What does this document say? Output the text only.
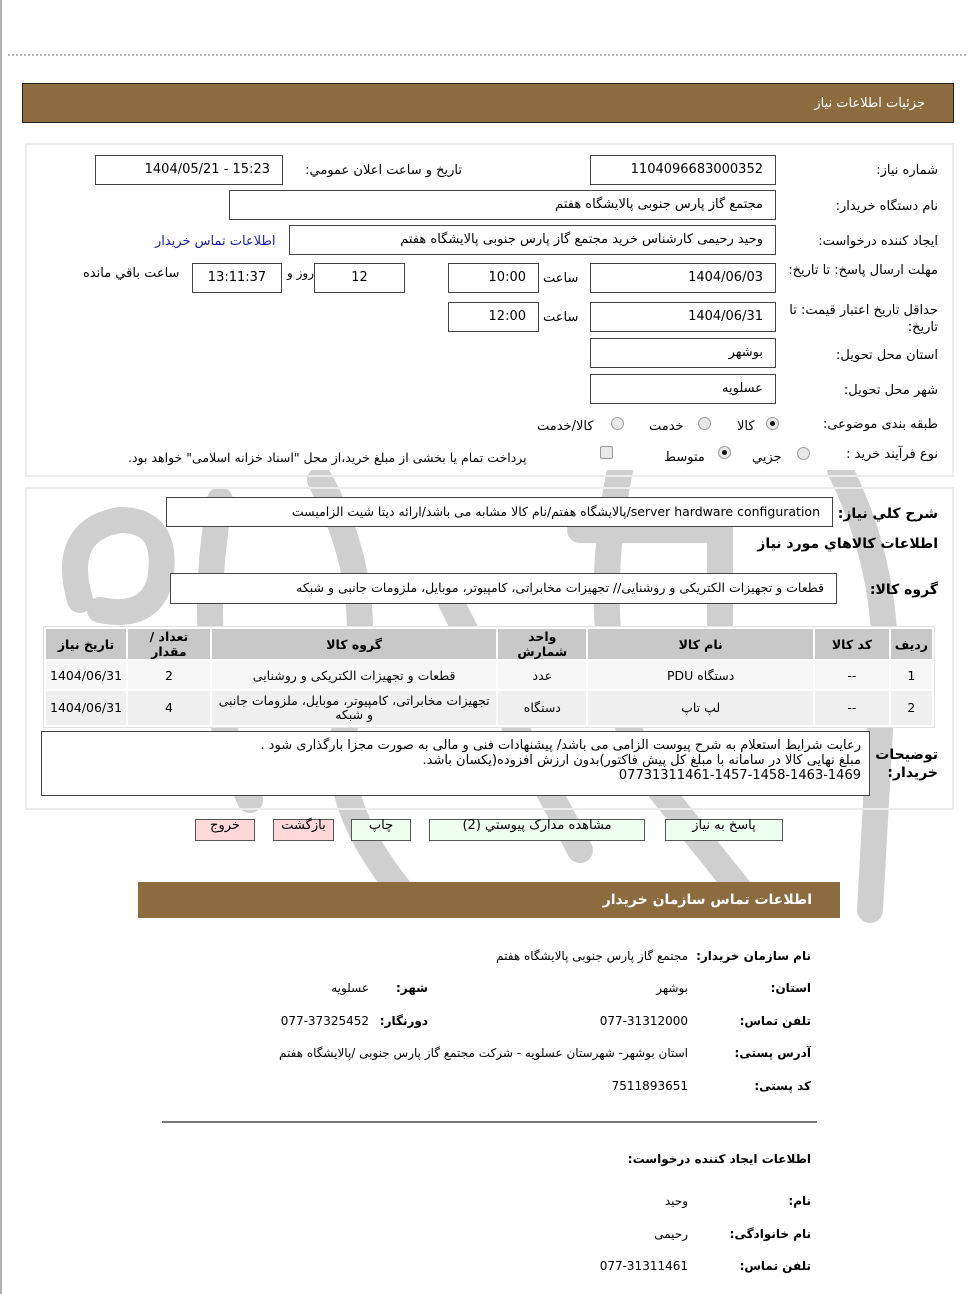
جزئیات اطلاعات نیاز
شماره نیاز:
1104096683000352
تاریخ و ساعت اعلان عمومي:
1404/05/21 - 15:23
نام دستگاه خریدار:
مجتمع گاز پارس جنوبی پالایشگاه هفتم
ایجاد کننده درخواست:
وحید رحیمی کارشناس خرید مجتمع گاز پارس جنوبی پالایشگاه هفتم
اطلاعات تماس خریدار
مهلت ارسال پاسخ: تا تاریخ:
1404/06/03
ساعت
10:00
12
روز و
13:11:37
ساعت باقي مانده
حداقل تاریخ اعتبار قیمت: تا تاریخ:
1404/06/31
ساعت
12:00
استان محل تحویل:
بوشهر
شهر محل تحویل:
عسلویه
طبقه بندی موضوعی:
کالا
خدمت
کالا/خدمت
نوع فرآیند خرید :
جزيي
متوسط
پرداخت تمام یا بخشی از مبلغ خرید،از محل "اسناد خزانه اسلامی" خواهد بود.
شرح کلي نیاز:
server hardware configuration/پالایشگاه هفتم/نام کالا مشابه می باشد/ارائه دیتا شیت الزامیست
اطلاعات کالاهاي مورد نیاز
گروه کالا:
قطعات و تجهیزات الکتریکی و روشنایی// تجهیزات مخابراتی، کامپیوتر، موبایل، ملزومات جانبی و شبکه
ردیف	کد کالا	نام کالا	واحد شمارش	گروه کالا	تعداد / مقدار	تاریخ نیاز
1	--	دستگاه PDU	عدد	قطعات و تجهیزات الکتریکی و روشنایی	2	1404/06/31
2	--	لپ تاپ	دستگاه	تجهیزات مخابراتی، کامپیوتر، موبایل، ملزومات جانبی و شبکه	4	1404/06/31
توضیحات خریدار:
رعایت شرایط استعلام به شرح پیوست الزامی می باشد/ پیشنهادات فنی و مالی به صورت مجزا بارگذاری شود .
مبلغ نهایی کالا در سامانه با مبلغ کل پیش فاکتور)بدون ارزش افزوده(یکسان باشد.
07731311461-1457-1458-1463-1469
پاسخ به نیاز
مشاهده مدارک پیوستي (2)
چاپ
بازگشت
خروج
اطلاعات تماس سازمان خریدار
نام سازمان خریدار:
مجتمع گاز پارس جنوبی پالایشگاه هفتم
استان:
بوشهر
شهر:
عسلویه
تلفن تماس:
077-31312000
دورنگار:
077-37325452
آدرس پستی:
استان بوشهر- شهرستان عسلویه - شرکت مجتمع گاز پارس جنوبی /پالایشگاه هفتم
کد پستی:
7511893651
اطلاعات ایجاد کننده درخواست:
نام:
وحید
نام خانوادگی:
رحیمی
تلفن تماس:
077-31311461
